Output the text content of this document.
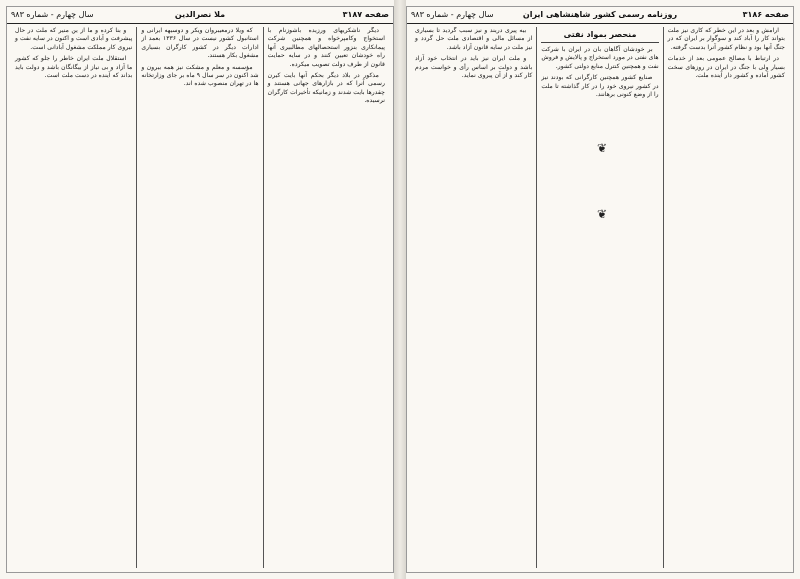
صفحه ۳۱۸۷
ملا نصرالدین
سال چهارم - شماره ۹۸۳

دیگر ناشکریهای ورزیده باشوزنام با استخواج وکامپرخواه و همچنین شرکت پیمانکاری بنزور استحصالهای مطالبیری آنها راه خودشان تعیین کنند و در سایه حمایت قانون از طرف دولت تصویب میکرده.

مذکور در بلاد دیگر بحکم آنها بایت کیرن رسمی آنرا که در بازارهای جهانی هستند و چقدرها بایت شدند و زمانیکه تأخیرات کارگران نرسیده.

که ویلا درمعیبروان ویکر و دوسیهه ایرانی و استانبول کشور نیست در سال ۱۳۳۶ بعمد از ادارات دیگر در کشور کارگران بسیاری مشغول بکار هستند.

مؤسسه و معلم و مشکت نیز همه بیرون و شد اکنون در سر سال ۹ ماه بر جای وزارتخانه ها در تهران منصوب شده اند.

و بنا کرده و ما از ین منیر که ملت در حال پیشرفت و آبادی است و اکنون در سایه نفت و نیروی کار مملکت مشغول آبادانی است.

استقلال ملت ایران خاطر را جلو که کشور ما آزاد و بی نیاز از بیگانگان باشد و دولت باید بداند که آینده در دست ملت است.

صفحه ۳۱۸۶
روزنامه رسمی کشور شاهنشاهی ایران
سال چهارم - شماره ۹۸۳

آرامش و بعد در این خطر که کاری نیز ملت بتواند کار را آباد کند و سوگوار بر ایران که در جنگ آنها بود و نظام کشور آنرا بدست گرفته.

در ارتباط با مصالح عمومی بعد از خدمات بسیار ولی با جنگ در ایران در روزهای سخت کشور آماده و کشور دار آینده ملت.

منحصر بمواد نفتی

بر خودشان آگاهان بان در ایران با شرکت های نفتی در مورد استخراج و پالایش و فروش نفت و همچنین کنترل منابع دولتی کشور.

صنایع کشور همچنین کارگرانی که بودند نیز در کشور نیروی خود را در کار گذاشته تا ملت را از وضع کنونی برهانند.

بیه پیری دریند و نیز سبب گردید تا بسیاری از مسائل مالی و اقتصادی ملت حل گردد و نیز ملت در سایه قانون آزاد باشد.

و ملت ایران نیز باید در انتخاب خود آزاد باشد و دولت بر اساس رأی و خواست مردم کار کند و از آن پیروی نماید.

❦
❦
